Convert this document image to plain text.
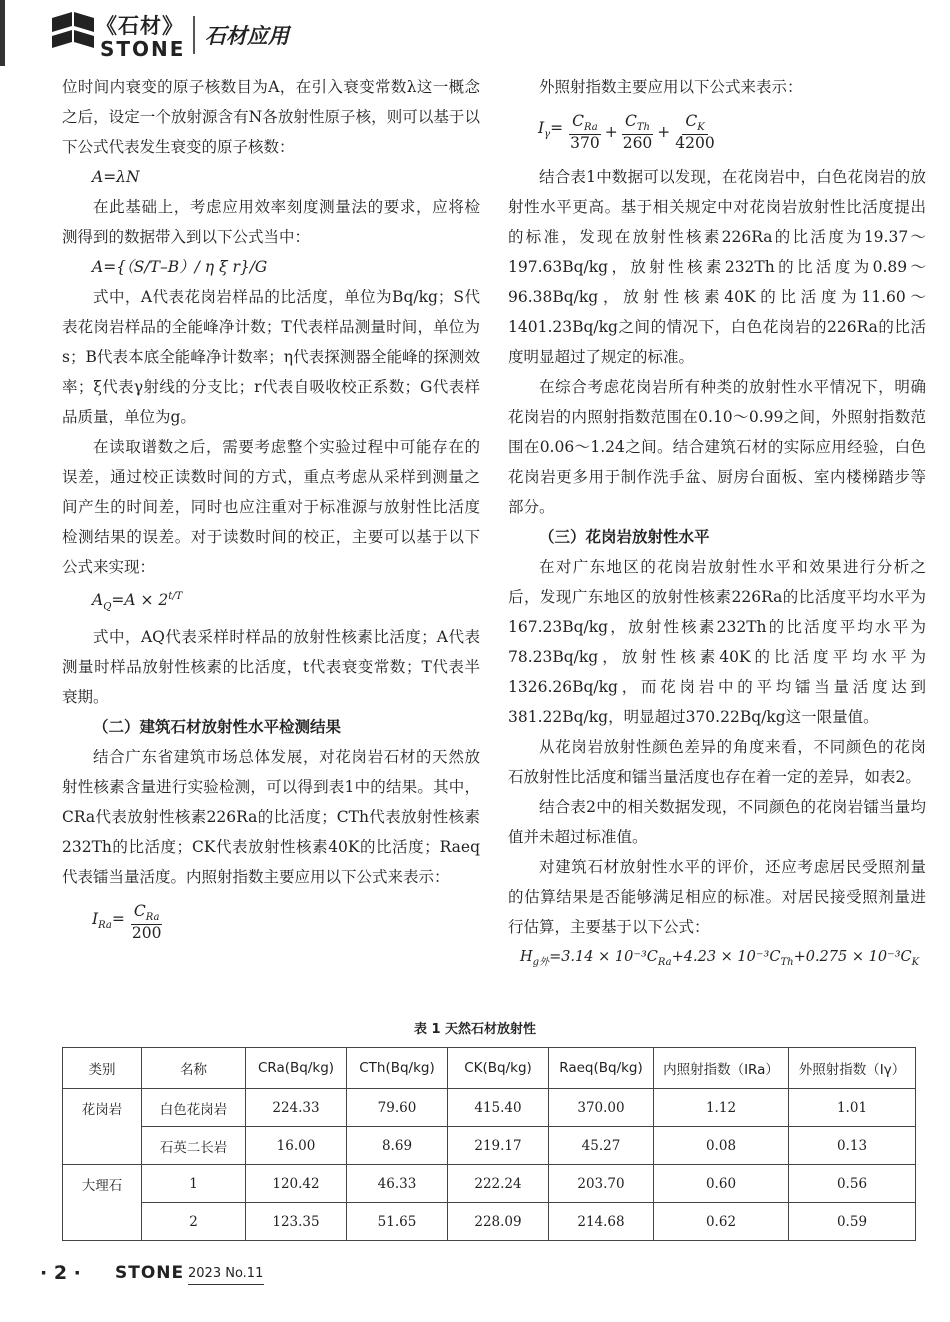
《石材》
STONE
石材应用

位时间内衰变的原子核数目为A，在引入衰变常数λ这一概念之后，设定一个放射源含有N各放射性原子核，则可以基于以下公式代表发生衰变的原子核数：

A=λN

在此基础上，考虑应用效率刻度测量法的要求，应将检测得到的数据带入到以下公式当中：

A={（S/T–B）/ η ξ r}/G

式中，A代表花岗岩样品的比活度，单位为Bq/kg；S代表花岗岩样品的全能峰净计数；T代表样品测量时间，单位为s；B代表本底全能峰净计数率；η代表探测器全能峰的探测效率；ξ代表γ射线的分支比；r代表自吸收校正系数；G代表样品质量，单位为g。

在读取谱数之后，需要考虑整个实验过程中可能存在的误差，通过校正读数时间的方式，重点考虑从采样到测量之间产生的时间差，同时也应注重对于标准源与放射性比活度检测结果的误差。对于读数时间的校正，主要可以基于以下公式来实现：

$A_Q=A \times 2^{t/T}$

式中，AQ代表采样时样品的放射性核素比活度；A代表测量时样品放射性核素的比活度，t代表衰变常数；T代表半衰期。

（二）建筑石材放射性水平检测结果

结合广东省建筑市场总体发展，对花岗岩石材的天然放射性核素含量进行实验检测，可以得到表1中的结果。其中，CRa代表放射性核素226Ra的比活度；CTh代表放射性核素232Th的比活度；CK代表放射性核素40K的比活度；Raeq代表镭当量活度。内照射指数主要应用以下公式来表示：

$I_{Ra}= \frac{C_{Ra}}{200}$

外照射指数主要应用以下公式来表示：

$I_\gamma= \frac{C_{Ra}}{370} + \frac{C_{Th}}{260} + \frac{C_K}{4200}$

结合表1中数据可以发现，在花岗岩中，白色花岗岩的放射性水平更高。基于相关规定中对花岗岩放射性比活度提出的标准，发现在放射性核素226Ra的比活度为19.37～197.63Bq/kg，放射性核素232Th的比活度为0.89～96.38Bq/kg，放射性核素40K的比活度为11.60～1401.23Bq/kg之间的情况下，白色花岗岩的226Ra的比活度明显超过了规定的标准。

在综合考虑花岗岩所有种类的放射性水平情况下，明确花岗岩的内照射指数范围在0.10～0.99之间，外照射指数范围在0.06～1.24之间。结合建筑石材的实际应用经验，白色花岗岩更多用于制作洗手盆、厨房台面板、室内楼梯踏步等部分。

（三）花岗岩放射性水平

在对广东地区的花岗岩放射性水平和效果进行分析之后，发现广东地区的放射性核素226Ra的比活度平均水平为167.23Bq/kg，放射性核素232Th的比活度平均水平为78.23Bq/kg，放射性核素40K的比活度平均水平为1326.26Bq/kg，而花岗岩中的平均镭当量活度达到381.22Bq/kg，明显超过370.22Bq/kg这一限量值。

从花岗岩放射性颜色差异的角度来看，不同颜色的花岗石放射性比活度和镭当量活度也存在着一定的差异，如表2。

结合表2中的相关数据发现，不同颜色的花岗岩镭当量均值并未超过标准值。

对建筑石材放射性水平的评价，还应考虑居民受照剂量的估算结果是否能够满足相应的标准。对居民接受照剂量进行估算，主要基于以下公式：

$H_{g外}=3.14 \times 10^{-3}C_{Ra}+4.23 \times 10^{-3}C_{Th}+0.275 \times 10^{-3}C_K$

表 1 天然石材放射性
类别	名称	CRa(Bq/kg)	CTh(Bq/kg)	CK(Bq/kg)	Raeq(Bq/kg)	内照射指数（IRa）	外照射指数（Iγ）
花岗岩	白色花岗岩	224.33	79.60	415.40	370.00	1.12	1.01
	石英二长岩	16.00	8.69	219.17	45.27	0.08	0.13
大理石	1	120.42	46.33	222.24	203.70	0.60	0.56
	2	123.35	51.65	228.09	214.68	0.62	0.59
· 2 · STONE 2023 No.11
